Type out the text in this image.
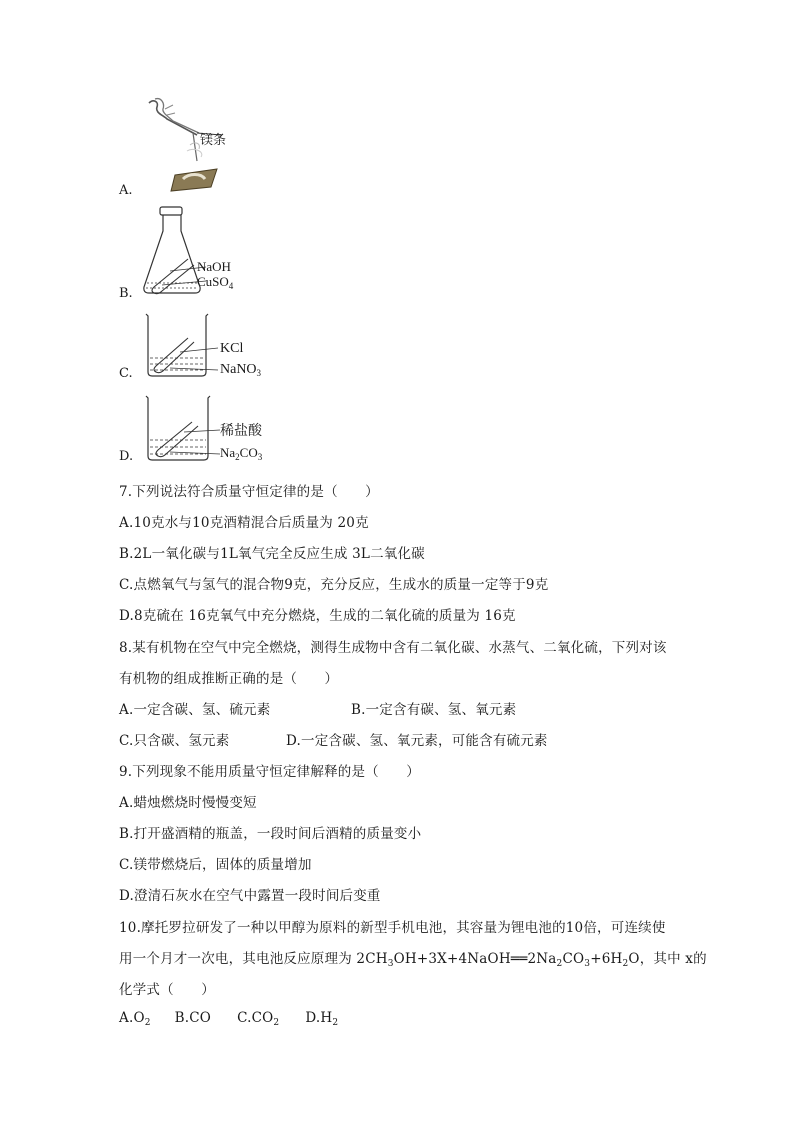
A.
镁条
B.
NaOH
CuSO$_4$
C.
KCl
NaNO$_3$
D.
稀盐酸
$Na_2CO_3$
7.下列说法符合质量守恒定律的是（　　）
A.10克水与10克酒精混合后质量为 20克
B.2L一氧化碳与1L氧气完全反应生成 3L二氧化碳
C.点燃氧气与氢气的混合物9克，充分反应，生成水的质量一定等于9克
D.8克硫在 16克氧气中充分燃烧，生成的二氧化硫的质量为 16克
8.某有机物在空气中完全燃烧，测得生成物中含有二氧化碳、水蒸气、二氧化硫，下列对该
有机物的组成推断正确的是（　　）
A.一定含碳、氢、硫元素	B.一定含有碳、氢、氧元素
C.只含碳、氢元素	D.一定含碳、氢、氧元素，可能含有硫元素
9.下列现象不能用质量守恒定律解释的是（　　）
A.蜡烛燃烧时慢慢变短
B.打开盛酒精的瓶盖，一段时间后酒精的质量变小
C.镁带燃烧后，固体的质量增加
D.澄清石灰水在空气中露置一段时间后变重
10.摩托罗拉研发了一种以甲醇为原料的新型手机电池，其容量为锂电池的10倍，可连续使
用一个月才一次电，其电池反应原理为 $2CH_3OH+3X+4NaOH══2Na_2CO_3+6H_2O$，其中 x的
化学式（　　）
$A.O_2$ B.CO $C.CO_2$ $D.H_2$
